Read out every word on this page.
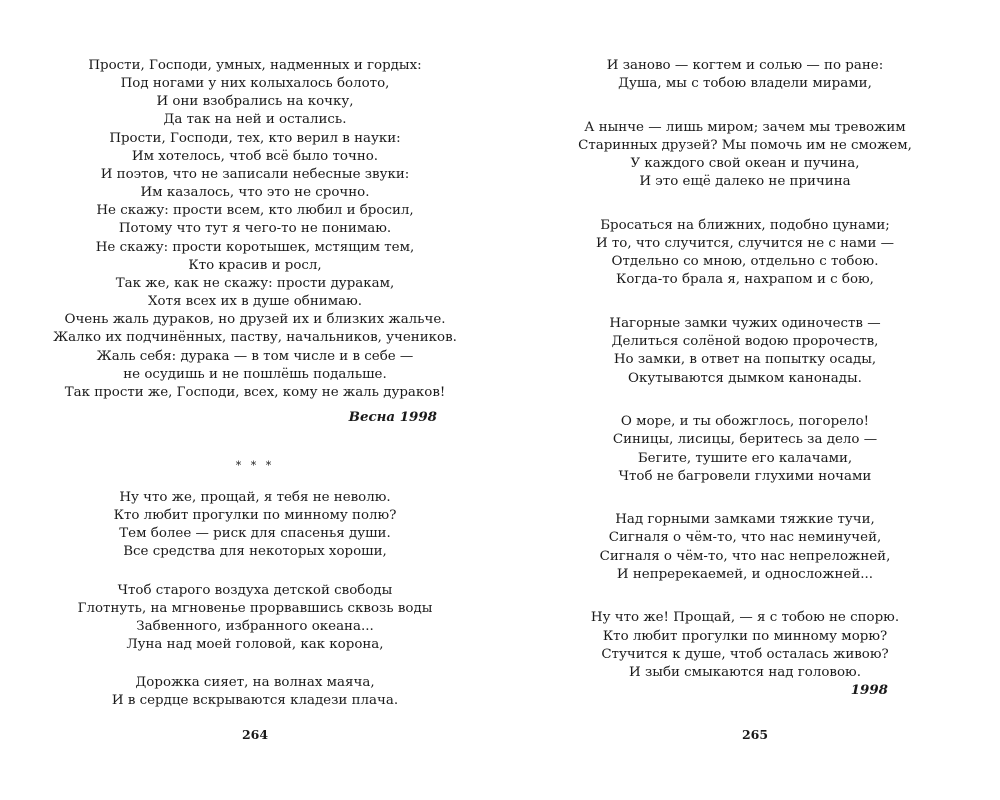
Прости, Господи, умных, надменных и гордых:
Под ногами у них колыхалось болото,
И они взобрались на кочку,
Да так на ней и остались.
Прости, Господи, тех, кто верил в науки:
Им хотелось, чтоб всё было точно.
И поэтов, что не записали небесные звуки:
Им казалось, что это не срочно.
Не скажу: прости всем, кто любил и бросил,
Потому что тут я чего-то не понимаю.
Не скажу: прости коротышек, мстящим тем,
Кто красив и росл,
Так же, как не скажу: прости дуракам,
Хотя всех их в душе обнимаю.
Очень жаль дураков, но друзей их и близких жальче.
Жалко их подчинённых, паству, начальников, учеников.
Жаль себя: дурака — в том числе и в себе —
не осудишь и не пошлёшь подальше.
Так прости же, Господи, всех, кому не жаль дураков!
Весна 1998
* * *
Ну что же, прощай, я тебя не неволю.
Кто любит прогулки по минному полю?
Тем более — риск для спасенья души.
Все средства для некоторых хороши,
Чтоб старого воздуха детской свободы
Глотнуть, на мгновенье прорвавшись сквозь воды
Забвенного, избранного океана...
Луна над моей головой, как корона,
Дорожка сияет, на волнах маяча,
И в сердце вскрываются кладези плача.
264
И заново — когтем и солью — по ране:
Душа, мы с тобою владели мирами,
А нынче — лишь миром; зачем мы тревожим
Старинных друзей? Мы помочь им не сможем,
У каждого свой океан и пучина,
И это ещё далеко не причина
Бросаться на ближних, подобно цунами;
И то, что случится, случится не с нами —
Отдельно со мною, отдельно с тобою.
Когда-то брала я, нахрапом и с бою,
Нагорные замки чужих одиночеств —
Делиться солёной водою пророчеств,
Но замки, в ответ на попытку осады,
Окутываются дымком канонады.
О море, и ты обожглось, погорело!
Синицы, лисицы, беритесь за дело —
Бегите, тушите его калачами,
Чтоб не багровели глухими ночами
Над горными замками тяжкие тучи,
Сигналя о чём-то, что нас неминучей,
Сигналя о чём-то, что нас непреложней,
И непререкаемей, и односложней...
Ну что же! Прощай, — я с тобою не спорю.
Кто любит прогулки по минному морю?
Стучится к душе, чтоб осталась живою?
И зыби смыкаются над головою.
1998
265
